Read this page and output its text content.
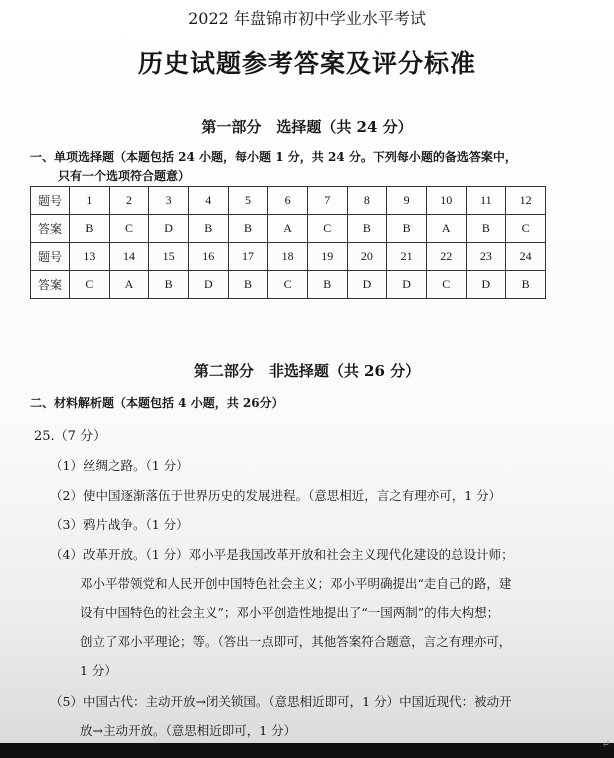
2022 年盘锦市初中学业水平考试
历史试题参考答案及评分标准
第一部分　选择题（共 24 分）
一、单项选择题（本题包括 24 小题，每小题 1 分，共 24 分。下列每小题的备选答案中，
只有一个选项符合题意）
题号	1	2	3	4	5	6	7	8	9	10	11	12
答案	B	C	D	B	B	A	C	B	B	A	B	C
题号	13	14	15	16	17	18	19	20	21	22	23	24
答案	C	A	B	D	B	C	B	D	D	C	D	B
第二部分　非选择题（共 26 分）
二、材料解析题（本题包括 4 小题，共 26分）
25.（7 分）
（1）丝绸之路。（1 分）
（2）使中国逐渐落伍于世界历史的发展进程。（意思相近，言之有理亦可，1 分）
（3）鸦片战争。（1 分）
（4）改革开放。（1 分）邓小平是我国改革开放和社会主义现代化建设的总设计师；
邓小平带领党和人民开创中国特色社会主义；邓小平明确提出“走自己的路，建
设有中国特色的社会主义”；邓小平创造性地提出了“一国两制”的伟大构想；
创立了邓小平理论；等。（答出一点即可，其他答案符合题意，言之有理亦可，
1 分）
（5）中国古代：主动开放→闭关锁国。（意思相近即可，1 分）中国近现代：被动开
放→主动开放。（意思相近即可，1 分）
↵
